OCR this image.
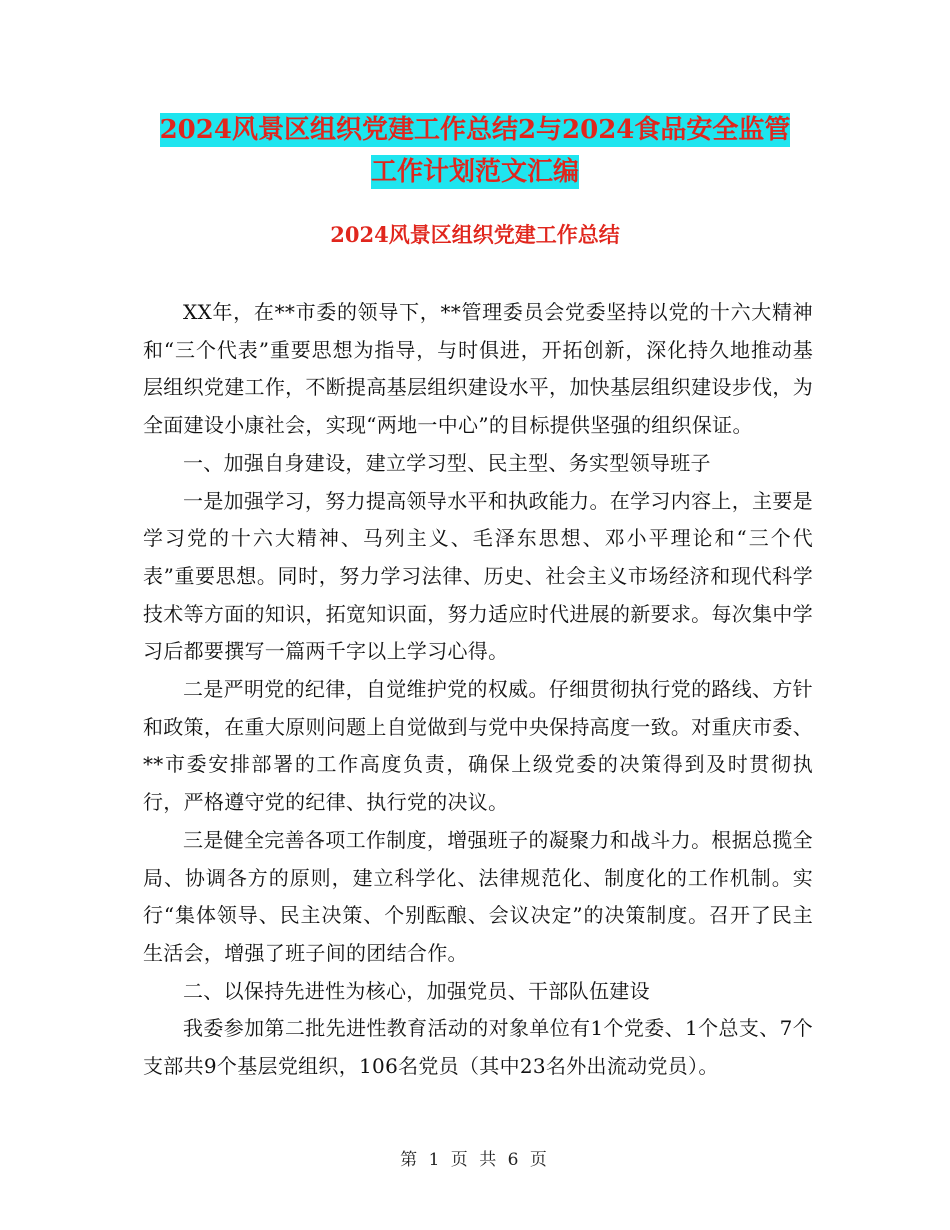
2024风景区组织党建工作总结2与2024食品安全监管
工作计划范文汇编
2024风景区组织党建工作总结

XX年，在**市委的领导下，**管理委员会党委坚持以党的十六大精神和“三个代表”重要思想为指导，与时俱进，开拓创新，深化持久地推动基层组织党建工作，不断提高基层组织建设水平，加快基层组织建设步伐，为全面建设小康社会，实现“两地一中心”的目标提供坚强的组织保证。

一、加强自身建设，建立学习型、民主型、务实型领导班子

一是加强学习，努力提高领导水平和执政能力。在学习内容上，主要是学习党的十六大精神、马列主义、毛泽东思想、邓小平理论和“三个代表”重要思想。同时，努力学习法律、历史、社会主义市场经济和现代科学技术等方面的知识，拓宽知识面，努力适应时代进展的新要求。每次集中学习后都要撰写一篇两千字以上学习心得。

二是严明党的纪律，自觉维护党的权威。仔细贯彻执行党的路线、方针和政策，在重大原则问题上自觉做到与党中央保持高度一致。对重庆市委、**市委安排部署的工作高度负责，确保上级党委的决策得到及时贯彻执行，严格遵守党的纪律、执行党的决议。

三是健全完善各项工作制度，增强班子的凝聚力和战斗力。根据总揽全局、协调各方的原则，建立科学化、法律规范化、制度化的工作机制。实行“集体领导、民主决策、个别酝酿、会议决定”的决策制度。召开了民主生活会，增强了班子间的团结合作。

二、以保持先进性为核心，加强党员、干部队伍建设

我委参加第二批先进性教育活动的对象单位有1个党委、1个总支、7个支部共9个基层党组织，106名党员（其中23名外出流动党员）。

第 1 页 共 6 页
